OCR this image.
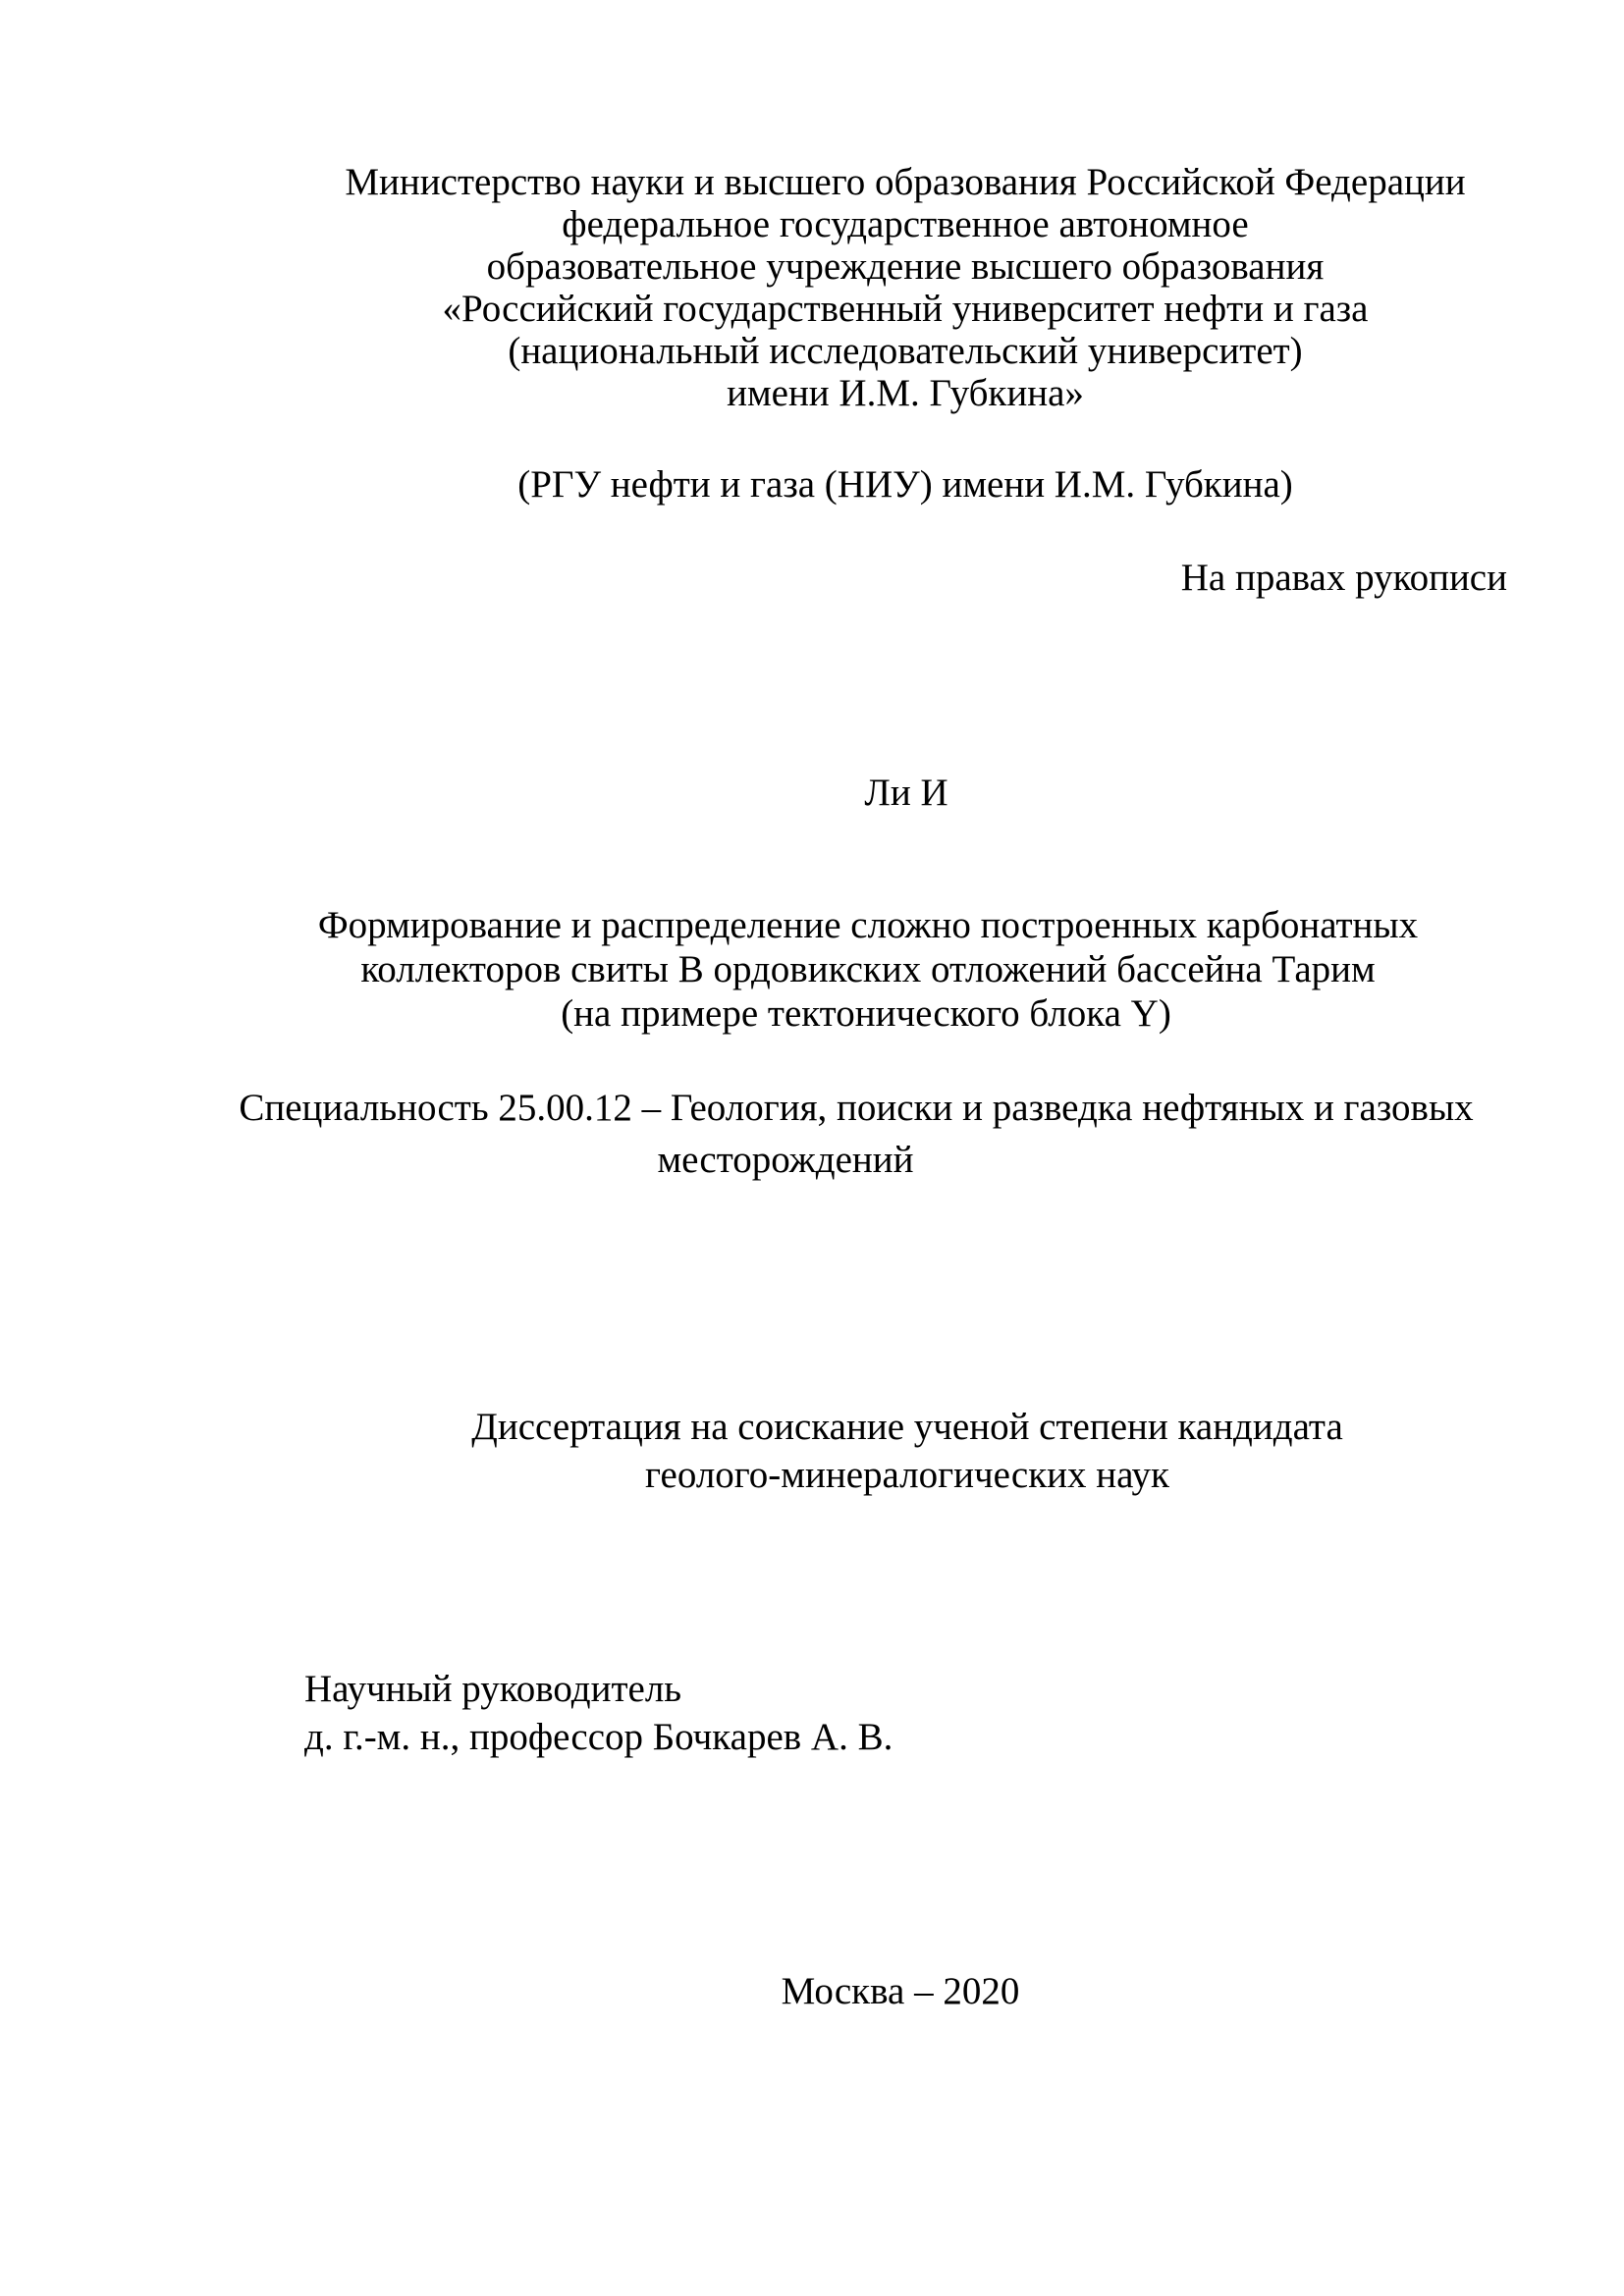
Министерство науки и высшего образования Российской Федерации
федеральное государственное автономное
образовательное учреждение высшего образования
«Российский государственный университет нефти и газа
(национальный исследовательский университет)
имени И.М. Губкина»
(РГУ нефти и газа (НИУ) имени И.М. Губкина)
На правах рукописи
Ли И
Формирование и распределение сложно построенных карбонатных
коллекторов свиты В ордовикских отложений бассейна Тарим
(на примере тектонического блока Y)
Специальность 25.00.12 – Геология, поиски и разведка нефтяных и газовых
месторождений
Диссертация на соискание ученой степени кандидата
геолого-минералогических наук
Научный руководитель
д. г.-м. н., профессор Бочкарев А. В.
Москва – 2020
